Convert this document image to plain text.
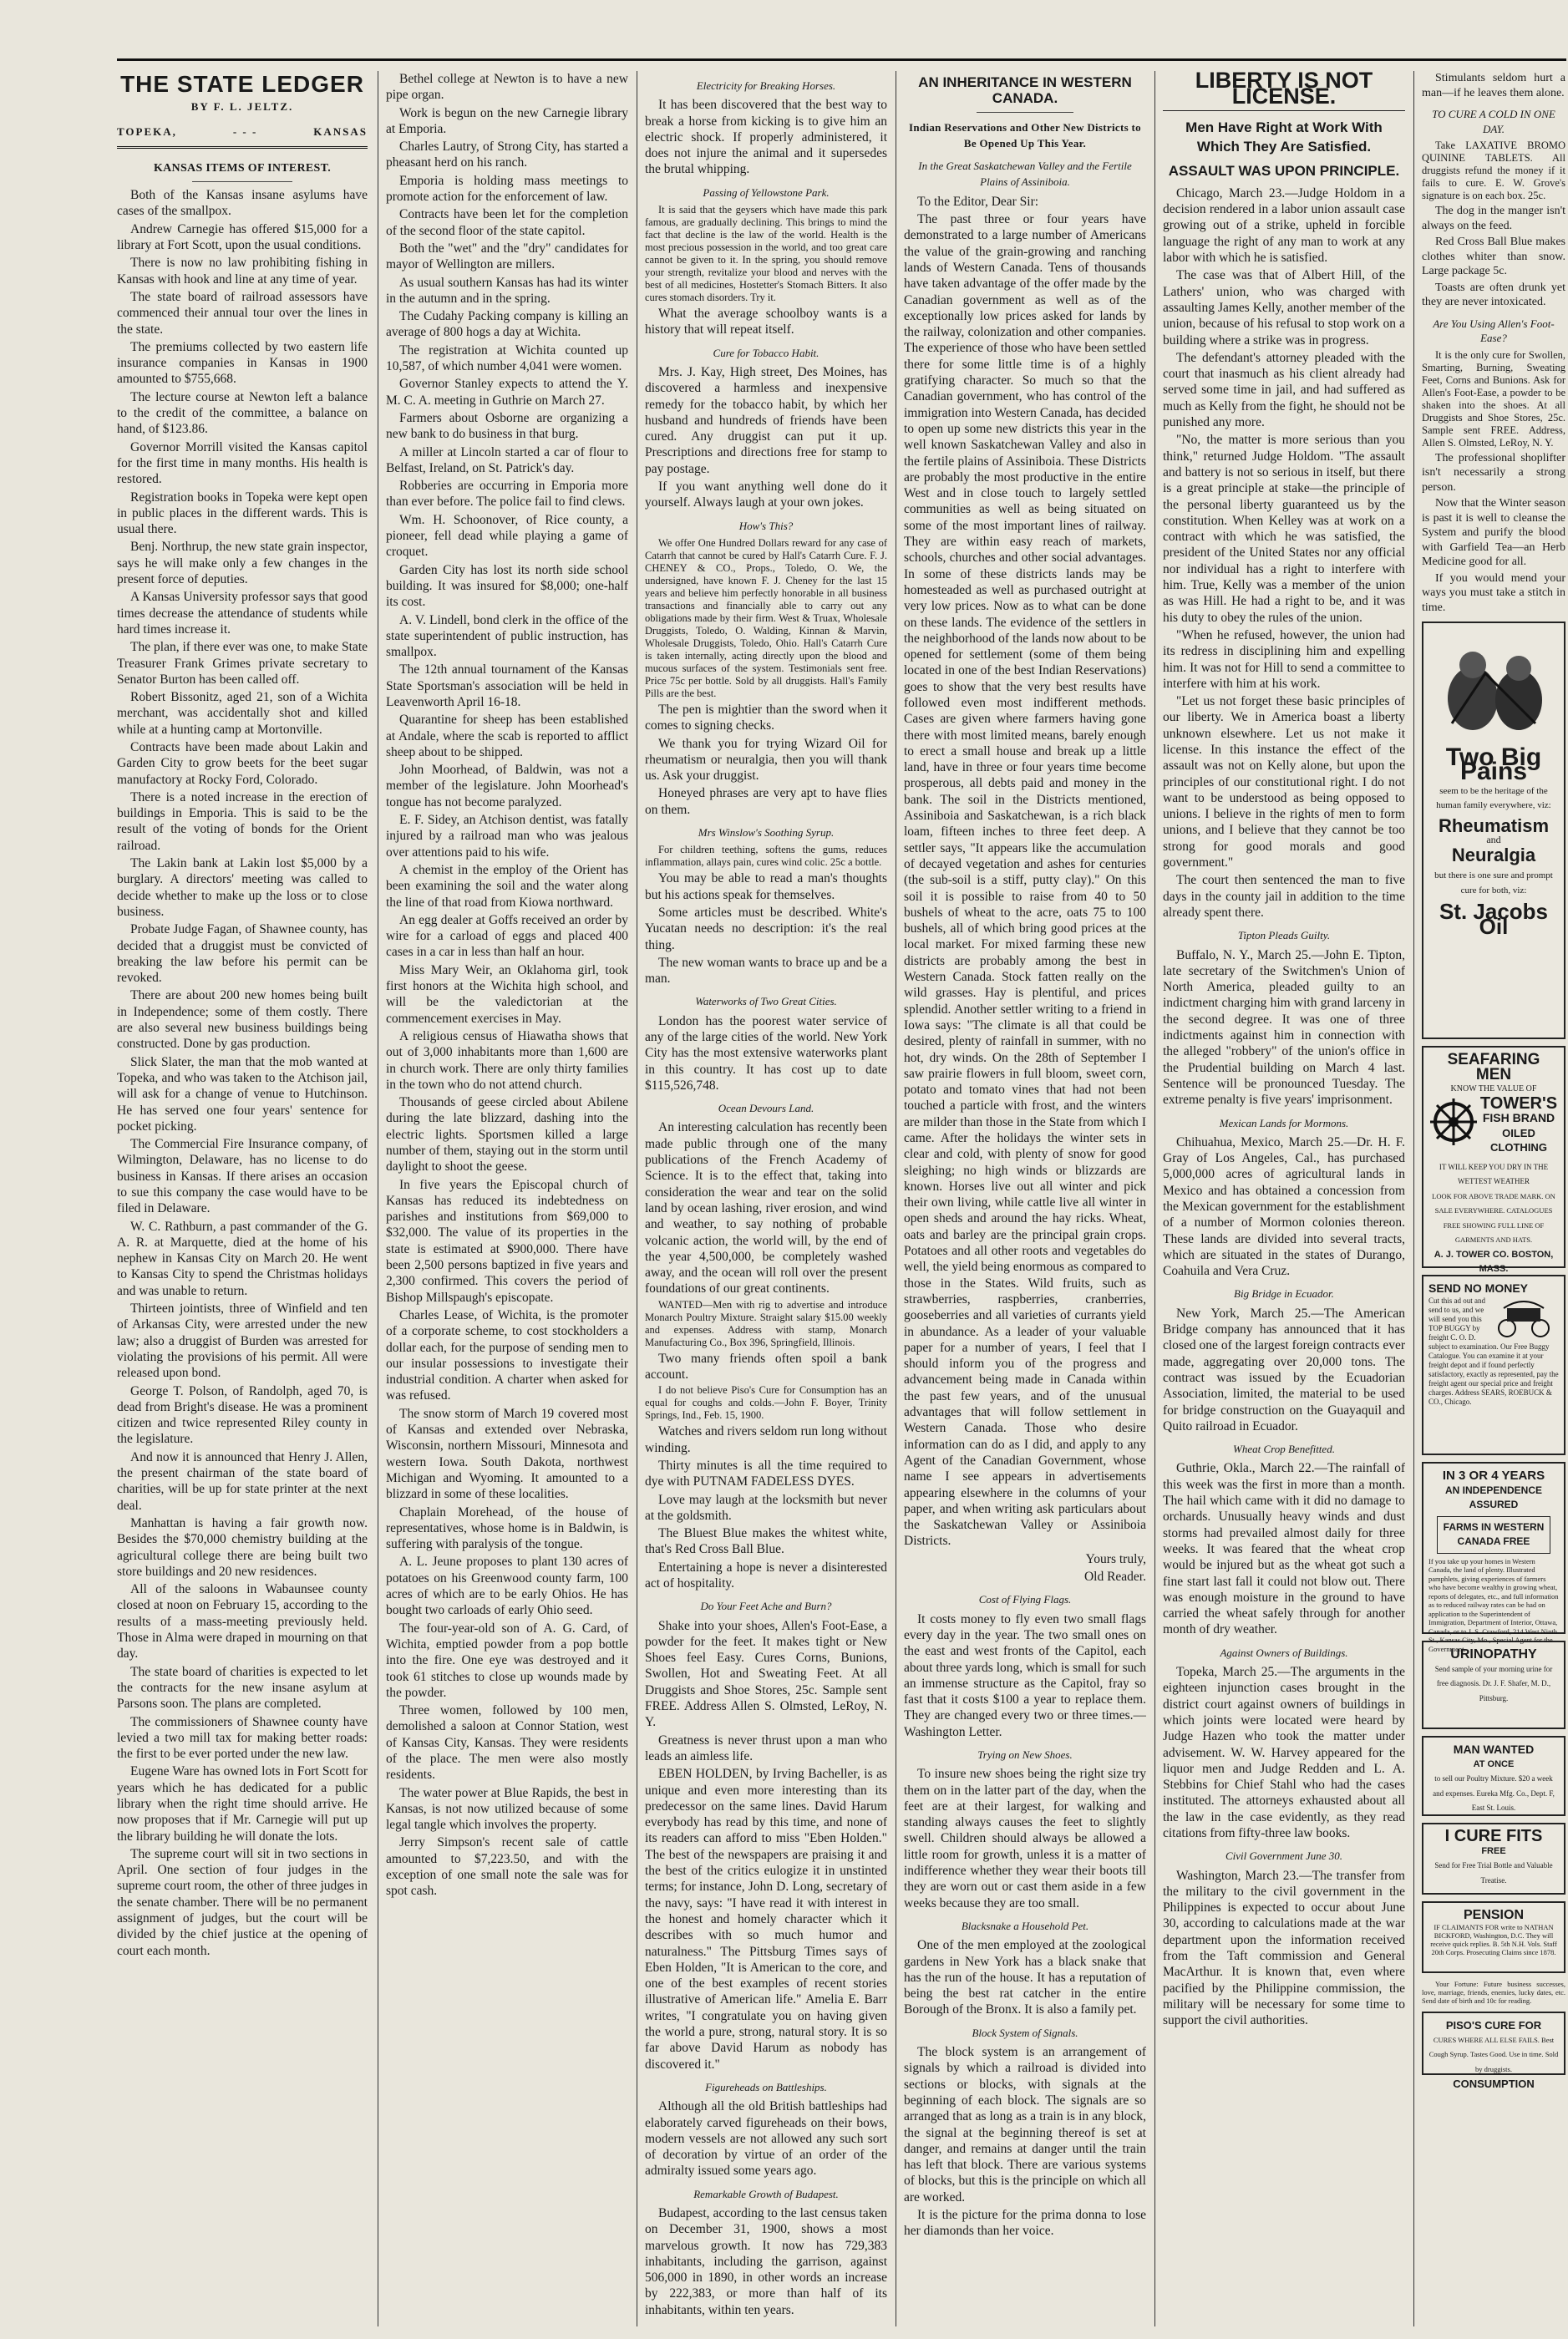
THE STATE LEDGER
BY F. L. JELTZ.
TOPEKA,	- - -	KANSAS
KANSAS ITEMS OF INTEREST.

Both of the Kansas insane asylums have cases of the smallpox.

Andrew Carnegie has offered $15,000 for a library at Fort Scott, upon the usual conditions.

There is now no law prohibiting fishing in Kansas with hook and line at any time of year.

The state board of railroad assessors have commenced their annual tour over the lines in the state.

The premiums collected by two eastern life insurance companies in Kansas in 1900 amounted to $755,668.

The lecture course at Newton left a balance to the credit of the committee, a balance on hand, of $123.86.

Governor Morrill visited the Kansas capitol for the first time in many months. His health is restored.

Registration books in Topeka were kept open in public places in the different wards. This is usual there.

Benj. Northrup, the new state grain inspector, says he will make only a few changes in the present force of deputies.

A Kansas University professor says that good times decrease the attendance of students while hard times increase it.

The plan, if there ever was one, to make State Treasurer Frank Grimes private secretary to Senator Burton has been called off.

Robert Bissonitz, aged 21, son of a Wichita merchant, was accidentally shot and killed while at a hunting camp at Mortonville.

Contracts have been made about Lakin and Garden City to grow beets for the beet sugar manufactory at Rocky Ford, Colorado.

There is a noted increase in the erection of buildings in Emporia. This is said to be the result of the voting of bonds for the Orient railroad.

The Lakin bank at Lakin lost $5,000 by a burglary. A directors' meeting was called to decide whether to make up the loss or to close business.

Probate Judge Fagan, of Shawnee county, has decided that a druggist must be convicted of breaking the law before his permit can be revoked.

There are about 200 new homes being built in Independence; some of them costly. There are also several new business buildings being constructed. Done by gas production.

Slick Slater, the man that the mob wanted at Topeka, and who was taken to the Atchison jail, will ask for a change of venue to Hutchinson. He has served one four years' sentence for pocket picking.

The Commercial Fire Insurance company, of Wilmington, Delaware, has no license to do business in Kansas. If there arises an occasion to sue this company the case would have to be filed in Delaware.

W. C. Rathburn, a past commander of the G. A. R. at Marquette, died at the home of his nephew in Kansas City on March 20. He went to Kansas City to spend the Christmas holidays and was unable to return.

Thirteen jointists, three of Winfield and ten of Arkansas City, were arrested under the new law; also a druggist of Burden was arrested for violating the provisions of his permit. All were released upon bond.

George T. Polson, of Randolph, aged 70, is dead from Bright's disease. He was a prominent citizen and twice represented Riley county in the legislature.

And now it is announced that Henry J. Allen, the present chairman of the state board of charities, will be up for state printer at the next deal.

Manhattan is having a fair growth now. Besides the $70,000 chemistry building at the agricultural college there are being built two store buildings and 20 new residences.

All of the saloons in Wabaunsee county closed at noon on February 15, according to the results of a mass-meeting previously held. Those in Alma were draped in mourning on that day.

The state board of charities is expected to let the contracts for the new insane asylum at Parsons soon. The plans are completed.

The commissioners of Shawnee county have levied a two mill tax for making better roads: the first to be ever ported under the new law.

Eugene Ware has owned lots in Fort Scott for years which he has dedicated for a public library when the right time should arrive. He now proposes that if Mr. Carnegie will put up the library building he will donate the lots.

The supreme court will sit in two sections in April. One section of four judges in the supreme court room, the other of three judges in the senate chamber. There will be no permanent assignment of judges, but the court will be divided by the chief justice at the opening of court each month.

Bethel college at Newton is to have a new pipe organ.

Work is begun on the new Carnegie library at Emporia.

Charles Lautry, of Strong City, has started a pheasant herd on his ranch.

Emporia is holding mass meetings to promote action for the enforcement of law.

Contracts have been let for the completion of the second floor of the state capitol.

Both the "wet" and the "dry" candidates for mayor of Wellington are millers.

As usual southern Kansas has had its winter in the autumn and in the spring.

The Cudahy Packing company is killing an average of 800 hogs a day at Wichita.

The registration at Wichita counted up 10,587, of which number 4,041 were women.

Governor Stanley expects to attend the Y. M. C. A. meeting in Guthrie on March 27.

Farmers about Osborne are organizing a new bank to do business in that burg.

A miller at Lincoln started a car of flour to Belfast, Ireland, on St. Patrick's day.

Robberies are occurring in Emporia more than ever before. The police fail to find clews.

Wm. H. Schoonover, of Rice county, a pioneer, fell dead while playing a game of croquet.

Garden City has lost its north side school building. It was insured for $8,000; one-half its cost.

A. V. Lindell, bond clerk in the office of the state superintendent of public instruction, has smallpox.

The 12th annual tournament of the Kansas State Sportsman's association will be held in Leavenworth April 16-18.

Quarantine for sheep has been established at Andale, where the scab is reported to afflict sheep about to be shipped.

John Moorhead, of Baldwin, was not a member of the legislature. John Moorhead's tongue has not become paralyzed.

E. F. Sidey, an Atchison dentist, was fatally injured by a railroad man who was jealous over attentions paid to his wife.

A chemist in the employ of the Orient has been examining the soil and the water along the line of that road from Kiowa northward.

An egg dealer at Goffs received an order by wire for a carload of eggs and placed 400 cases in a car in less than half an hour.

Miss Mary Weir, an Oklahoma girl, took first honors at the Wichita high school, and will be the valedictorian at the commencement exercises in May.

A religious census of Hiawatha shows that out of 3,000 inhabitants more than 1,600 are in church work. There are only thirty families in the town who do not attend church.

Thousands of geese circled about Abilene during the late blizzard, dashing into the electric lights. Sportsmen killed a large number of them, staying out in the storm until daylight to shoot the geese.

In five years the Episcopal church of Kansas has reduced its indebtedness on parishes and institutions from $69,000 to $32,000. The value of its properties in the state is estimated at $900,000. There have been 2,500 persons baptized in five years and 2,300 confirmed. This covers the period of Bishop Millspaugh's episcopate.

Charles Lease, of Wichita, is the promoter of a corporate scheme, to cost stockholders a dollar each, for the purpose of sending men to our insular possessions to investigate their industrial condition. A charter when asked for was refused.

The snow storm of March 19 covered most of Kansas and extended over Nebraska, Wisconsin, northern Missouri, Minnesota and western Iowa. South Dakota, northwest Michigan and Wyoming. It amounted to a blizzard in some of these localities.

Chaplain Morehead, of the house of representatives, whose home is in Baldwin, is suffering with paralysis of the tongue.

A. L. Jeune proposes to plant 130 acres of potatoes on his Greenwood county farm, 100 acres of which are to be early Ohios. He has bought two carloads of early Ohio seed.

The four-year-old son of A. G. Card, of Wichita, emptied powder from a pop bottle into the fire. One eye was destroyed and it took 61 stitches to close up wounds made by the powder.

Three women, followed by 100 men, demolished a saloon at Connor Station, west of Kansas City, Kansas. They were residents of the place. The men were also mostly residents.

The water power at Blue Rapids, the best in Kansas, is not now utilized because of some legal tangle which involves the property.

Jerry Simpson's recent sale of cattle amounted to $7,223.50, and with the exception of one small note the sale was for spot cash.

Electricity for Breaking Horses.

It has been discovered that the best way to break a horse from kicking is to give him an electric shock. If properly administered, it does not injure the animal and it supersedes the brutal whipping.

Passing of Yellowstone Park.

It is said that the geysers which have made this park famous, are gradually declining. This brings to mind the fact that decline is the law of the world. Health is the most precious possession in the world, and too great care cannot be given to it. In the spring, you should remove your strength, revitalize your blood and nerves with the best of all medicines, Hostetter's Stomach Bitters. It also cures stomach disorders. Try it.

What the average schoolboy wants is a history that will repeat itself.

Cure for Tobacco Habit.

Mrs. J. Kay, High street, Des Moines, has discovered a harmless and inexpensive remedy for the tobacco habit, by which her husband and hundreds of friends have been cured. Any druggist can put it up. Prescriptions and directions free for stamp to pay postage.

If you want anything well done do it yourself. Always laugh at your own jokes.

How's This?

We offer One Hundred Dollars reward for any case of Catarrh that cannot be cured by Hall's Catarrh Cure. F. J. CHENEY & CO., Props., Toledo, O. We, the undersigned, have known F. J. Cheney for the last 15 years and believe him perfectly honorable in all business transactions and financially able to carry out any obligations made by their firm. West & Truax, Wholesale Druggists, Toledo, O. Walding, Kinnan & Marvin, Wholesale Druggists, Toledo, Ohio. Hall's Catarrh Cure is taken internally, acting directly upon the blood and mucous surfaces of the system. Testimonials sent free. Price 75c per bottle. Sold by all druggists. Hall's Family Pills are the best.

The pen is mightier than the sword when it comes to signing checks.

We thank you for trying Wizard Oil for rheumatism or neuralgia, then you will thank us. Ask your druggist.

Honeyed phrases are very apt to have flies on them.

Mrs Winslow's Soothing Syrup.

For children teething, softens the gums, reduces inflammation, allays pain, cures wind colic. 25c a bottle.

You may be able to read a man's thoughts but his actions speak for themselves.

Some articles must be described. White's Yucatan needs no description: it's the real thing.

The new woman wants to brace up and be a man.

Waterworks of Two Great Cities.

London has the poorest water service of any of the large cities of the world. New York City has the most extensive waterworks plant in this country. It has cost up to date $115,526,748.

Ocean Devours Land.

An interesting calculation has recently been made public through one of the many publications of the French Academy of Science. It is to the effect that, taking into consideration the wear and tear on the solid land by ocean lashing, river erosion, and wind and weather, to say nothing of probable volcanic action, the world will, by the end of the year 4,500,000, be completely washed away, and the ocean will roll over the present foundations of our great continents.

WANTED—Men with rig to advertise and introduce Monarch Poultry Mixture. Straight salary $15.00 weekly and expenses. Address with stamp, Monarch Manufacturing Co., Box 396, Springfield, Illinois.

Two many friends often spoil a bank account.

I do not believe Piso's Cure for Consumption has an equal for coughs and colds.—John F. Boyer, Trinity Springs, Ind., Feb. 15, 1900.

Watches and rivers seldom run long without winding.

Thirty minutes is all the time required to dye with PUTNAM FADELESS DYES.

Love may laugh at the locksmith but never at the goldsmith.

The Bluest Blue makes the whitest white, that's Red Cross Ball Blue.

Entertaining a hope is never a disinterested act of hospitality.

Do Your Feet Ache and Burn?

Shake into your shoes, Allen's Foot-Ease, a powder for the feet. It makes tight or New Shoes feel Easy. Cures Corns, Bunions, Swollen, Hot and Sweating Feet. At all Druggists and Shoe Stores, 25c. Sample sent FREE. Address Allen S. Olmsted, LeRoy, N. Y.

Greatness is never thrust upon a man who leads an aimless life.

EBEN HOLDEN, by Irving Bacheller, is as unique and even more interesting than its predecessor on the same lines. David Harum everybody has read by this time, and none of its readers can afford to miss "Eben Holden." The best of the newspapers are praising it and the best of the critics eulogize it in unstinted terms; for instance, John D. Long, secretary of the navy, says: "I have read it with interest in the honest and homely character which it describes with so much humor and naturalness." The Pittsburg Times says of Eben Holden, "It is American to the core, and one of the best examples of recent stories illustrative of American life." Amelia E. Barr writes, "I congratulate you on having given the world a pure, strong, natural story. It is so far above David Harum as nobody has discovered it."

Figureheads on Battleships.

Although all the old British battleships had elaborately carved figureheads on their bows, modern vessels are not allowed any such sort of decoration by virtue of an order of the admiralty issued some years ago.

Remarkable Growth of Budapest.

Budapest, according to the last census taken on December 31, 1900, shows a most marvelous growth. It now has 729,383 inhabitants, including the garrison, against 506,000 in 1890, in other words an increase by 222,383, or more than half of its inhabitants, within ten years.

AN INHERITANCE IN WESTERN CANADA.
Indian Reservations and Other New Districts to Be Opened Up This Year.
In the Great Saskatchewan Valley and the Fertile Plains of Assiniboia.

To the Editor, Dear Sir:

The past three or four years have demonstrated to a large number of Americans the value of the grain-growing and ranching lands of Western Canada. Tens of thousands have taken advantage of the offer made by the Canadian government as well as of the exceptionally low prices asked for lands by the railway, colonization and other companies. The experience of those who have been settled there for some little time is of a highly gratifying character. So much so that the Canadian government, who has control of the immigration into Western Canada, has decided to open up some new districts this year in the well known Saskatchewan Valley and also in the fertile plains of Assiniboia. These Districts are probably the most productive in the entire West and in close touch to largely settled communities as well as being situated on some of the most important lines of railway. They are within easy reach of markets, schools, churches and other social advantages. In some of these districts lands may be homesteaded as well as purchased outright at very low prices. Now as to what can be done on these lands. The evidence of the settlers in the neighborhood of the lands now about to be opened for settlement (some of them being located in one of the best Indian Reservations) goes to show that the very best results have followed even most indifferent methods. Cases are given where farmers having gone there with most limited means, barely enough to erect a small house and break up a little land, have in three or four years time become prosperous, all debts paid and money in the bank. The soil in the Districts mentioned, Assiniboia and Saskatchewan, is a rich black loam, fifteen inches to three feet deep. A settler says, "It appears like the accumulation of decayed vegetation and ashes for centuries (the sub-soil is a stiff, putty clay)." On this soil it is possible to raise from 40 to 50 bushels of wheat to the acre, oats 75 to 100 bushels, all of which bring good prices at the local market. For mixed farming these new districts are probably among the best in Western Canada. Stock fatten really on the wild grasses. Hay is plentiful, and prices splendid. Another settler writing to a friend in Iowa says: "The climate is all that could be desired, plenty of rainfall in summer, with no hot, dry winds. On the 28th of September I saw prairie flowers in full bloom, sweet corn, potato and tomato vines that had not been touched a particle with frost, and the winters are milder than those in the State from which I came. After the holidays the winter sets in clear and cold, with plenty of snow for good sleighing; no high winds or blizzards are known. Horses live out all winter and pick their own living, while cattle live all winter in open sheds and around the hay ricks. Wheat, oats and barley are the principal grain crops. Potatoes and all other roots and vegetables do well, the yield being enormous as compared to those in the States. Wild fruits, such as strawberries, raspberries, cranberries, gooseberries and all varieties of currants yield in abundance. As a leader of your valuable paper for a number of years, I feel that I should inform you of the progress and advancement being made in Canada within the past few years, and of the unusual advantages that will follow settlement in Western Canada. Those who desire information can do as I did, and apply to any Agent of the Canadian Government, whose name I see appears in advertisements appearing elsewhere in the columns of your paper, and when writing ask particulars about the Saskatchewan Valley or Assiniboia Districts.

Yours truly,

Old Reader.

Cost of Flying Flags.

It costs money to fly even two small flags every day in the year. The two small ones on the east and west fronts of the Capitol, each about three yards long, which is small for such an immense structure as the Capitol, fray so fast that it costs $100 a year to replace them. They are changed every two or three times.—Washington Letter.

Trying on New Shoes.

To insure new shoes being the right size try them on in the latter part of the day, when the feet are at their largest, for walking and standing always causes the feet to slightly swell. Children should always be allowed a little room for growth, unless it is a matter of indifference whether they wear their boots till they are worn out or cast them aside in a few weeks because they are too small.

Blacksnake a Household Pet.

One of the men employed at the zoological gardens in New York has a black snake that has the run of the house. It has a reputation of being the best rat catcher in the entire Borough of the Bronx. It is also a family pet.

Block System of Signals.

The block system is an arrangement of signals by which a railroad is divided into sections or blocks, with signals at the beginning of each block. The signals are so arranged that as long as a train is in any block, the signal at the beginning thereof is set at danger, and remains at danger until the train has left that block. There are various systems of blocks, but this is the principle on which all are worked.

It is the picture for the prima donna to lose her diamonds than her voice.

LIBERTY IS NOT LICENSE.
Men Have Right at Work With Which They Are Satisfied.
ASSAULT WAS UPON PRINCIPLE.

Chicago, March 23.—Judge Holdom in a decision rendered in a labor union assault case growing out of a strike, upheld in forcible language the right of any man to work at any labor with which he is satisfied.

The case was that of Albert Hill, of the Lathers' union, who was charged with assaulting James Kelly, another member of the union, because of his refusal to stop work on a building where a strike was in progress.

The defendant's attorney pleaded with the court that inasmuch as his client already had served some time in jail, and had suffered as much as Kelly from the fight, he should not be punished any more.

"No, the matter is more serious than you think," returned Judge Holdom. "The assault and battery is not so serious in itself, but there is a great principle at stake—the principle of the personal liberty guaranteed us by the constitution. When Kelley was at work on a contract with which he was satisfied, the president of the United States nor any official nor individual has a right to interfere with him. True, Kelly was a member of the union as was Hill. He had a right to be, and it was his duty to obey the rules of the union.

"When he refused, however, the union had its redress in disciplining him and expelling him. It was not for Hill to send a committee to interfere with him at his work.

"Let us not forget these basic principles of our liberty. We in America boast a liberty unknown elsewhere. Let us not make it license. In this instance the effect of the assault was not on Kelly alone, but upon the principles of our constitutional right. I do not want to be understood as being opposed to unions. I believe in the rights of men to form unions, and I believe that they cannot be too strong for good morals and good government."

The court then sentenced the man to five days in the county jail in addition to the time already spent there.

Tipton Pleads Guilty.

Buffalo, N. Y., March 25.—John E. Tipton, late secretary of the Switchmen's Union of North America, pleaded guilty to an indictment charging him with grand larceny in the second degree. It was one of three indictments against him in connection with the alleged "robbery" of the union's office in the Prudential building on March 4 last. Sentence will be pronounced Tuesday. The extreme penalty is five years' imprisonment.

Mexican Lands for Mormons.

Chihuahua, Mexico, March 25.—Dr. H. F. Gray of Los Angeles, Cal., has purchased 5,000,000 acres of agricultural lands in Mexico and has obtained a concession from the Mexican government for the establishment of a number of Mormon colonies thereon. These lands are divided into several tracts, which are situated in the states of Durango, Coahuila and Vera Cruz.

Big Bridge in Ecuador.

New York, March 25.—The American Bridge company has announced that it has closed one of the largest foreign contracts ever made, aggregating over 20,000 tons. The contract was issued by the Ecuadorian Association, limited, the material to be used for bridge construction on the Guayaquil and Quito railroad in Ecuador.

Wheat Crop Benefitted.

Guthrie, Okla., March 22.—The rainfall of this week was the first in more than a month. The hail which came with it did no damage to orchards. Unusually heavy winds and dust storms had prevailed almost daily for three weeks. It was feared that the wheat crop would be injured but as the wheat got such a fine start last fall it could not blow out. There was enough moisture in the ground to have carried the wheat safely through for another month of dry weather.

Against Owners of Buildings.

Topeka, March 25.—The arguments in the eighteen injunction cases brought in the district court against owners of buildings in which joints were located were heard by Judge Hazen who took the matter under advisement. W. W. Harvey appeared for the liquor men and Judge Redden and L. A. Stebbins for Chief Stahl who had the cases instituted. The attorneys exhausted about all the law in the case evidently, as they read citations from fifty-three law books.

Civil Government June 30.

Washington, March 23.—The transfer from the military to the civil government in the Philippines is expected to occur about June 30, according to calculations made at the war department upon the information received from the Taft commission and General MacArthur. It is known that, even where pacified by the Philippine commission, the military will be necessary for some time to support the civil authorities.

Stimulants seldom hurt a man—if he leaves them alone.

TO CURE A COLD IN ONE DAY.

Take LAXATIVE BROMO QUININE TABLETS. All druggists refund the money if it fails to cure. E. W. Grove's signature is on each box. 25c.

The dog in the manger isn't always on the feed.

Red Cross Ball Blue makes clothes whiter than snow. Large package 5c.

Toasts are often drunk yet they are never intoxicated.

Are You Using Allen's Foot-Ease?

It is the only cure for Swollen, Smarting, Burning, Sweating Feet, Corns and Bunions. Ask for Allen's Foot-Ease, a powder to be shaken into the shoes. At all Druggists and Shoe Stores, 25c. Sample sent FREE. Address, Allen S. Olmsted, LeRoy, N. Y.

The professional shoplifter isn't necessarily a strong person.

Now that the Winter season is past it is well to cleanse the System and purify the blood with Garfield Tea—an Herb Medicine good for all.

If you would mend your ways you must take a stitch in time.

Two Big Pains
seem to be the heritage of the human family everywhere, viz:
Rheumatism
and
Neuralgia
but there is one sure and prompt cure for both, viz:
St. Jacobs Oil
SEAFARING MEN
KNOW THE VALUE OF
TOWER'S
FISH BRAND
OILED CLOTHING
IT WILL KEEP YOU DRY IN THE WETTEST WEATHER
LOOK FOR ABOVE TRADE MARK. ON SALE EVERYWHERE. CATALOGUES FREE SHOWING FULL LINE OF GARMENTS AND HATS.
A. J. TOWER CO. BOSTON, MASS.
SEND NO MONEY
Cut this ad out and send to us, and we will send you this TOP BUGGY by freight C. O. D. subject to examination. Our Free Buggy Catalogue. You can examine it at your freight depot and if found perfectly satisfactory, exactly as represented, pay the freight agent our special price and freight charges. Address SEARS, ROEBUCK & CO., Chicago.
IN 3 OR 4 YEARS
AN INDEPENDENCE ASSURED
FARMS IN WESTERN CANADA FREE
If you take up your homes in Western Canada, the land of plenty. Illustrated pamphlets, giving experiences of farmers who have become wealthy in growing wheat, reports of delegates, etc., and full information as to reduced railway rates can be had on application to the Superintendent of Immigration, Department of Interior, Ottawa, Canada, or to J. S. Crawford, 214 West Ninth St., Kansas City, Mo., Special Agent for the Government.
URINOPATHY
Send sample of your morning urine for free diagnosis. Dr. J. F. Shafer, M. D., Pittsburg.
MAN WANTED
AT ONCE
to sell our Poultry Mixture. $20 a week and expenses. Eureka Mfg. Co., Dept. F, East St. Louis.
I CURE FITS
FREE
Send for Free Trial Bottle and Valuable Treatise.
PENSION
IF CLAIMANTS FOR write to NATHAN BICKFORD, Washington, D.C. They will receive quick replies. B. 5th N.H. Vols. Staff 20th Corps. Prosecuting Claims since 1878.

Your Fortune: Future business successes, love, marriage, friends, enemies, lucky dates, etc. Send date of birth and 10c for reading.

PISO'S CURE FOR
CURES WHERE ALL ELSE FAILS. Best Cough Syrup. Tastes Good. Use in time. Sold by druggists.
CONSUMPTION
